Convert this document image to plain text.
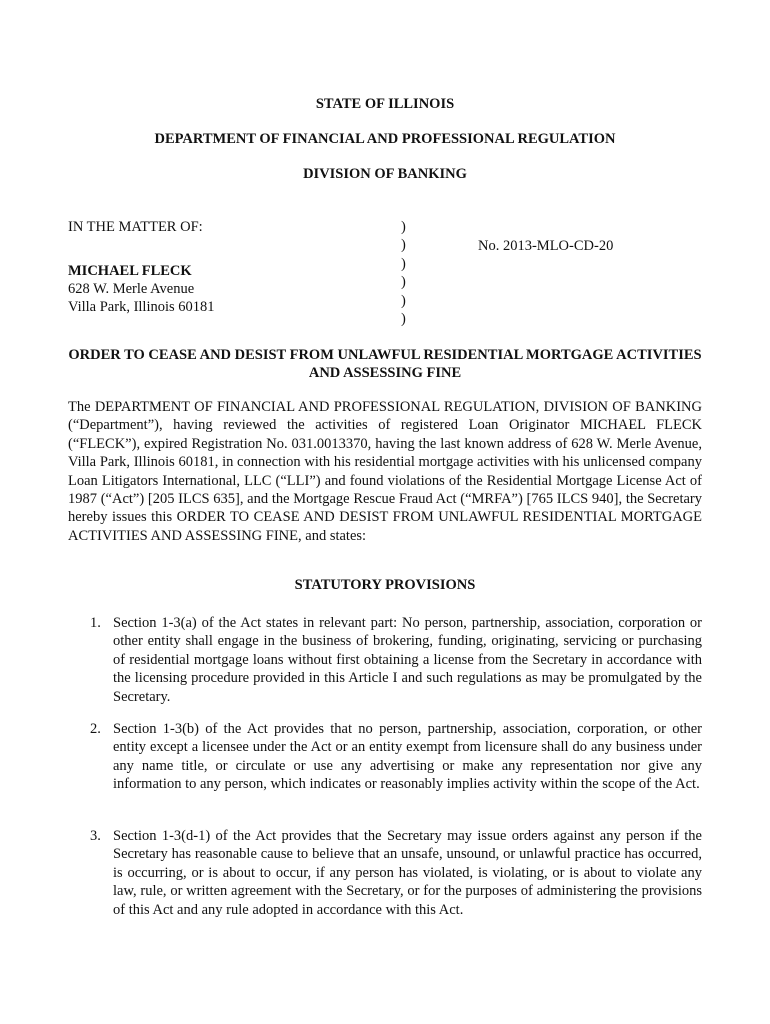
STATE OF ILLINOIS
DEPARTMENT OF FINANCIAL AND PROFESSIONAL REGULATION
DIVISION OF BANKING
IN THE MATTER OF:
MICHAEL FLECK
628 W. Merle Avenue
Villa Park, Illinois 60181
)
)
)
)
)
)
No. 2013-MLO-CD-20
ORDER TO CEASE AND DESIST FROM UNLAWFUL RESIDENTIAL MORTGAGE ACTIVITIES AND ASSESSING FINE
The DEPARTMENT OF FINANCIAL AND PROFESSIONAL REGULATION, DIVISION OF BANKING (“Department”), having reviewed the activities of registered Loan Originator MICHAEL FLECK (“FLECK”), expired Registration No. 031.0013370, having the last known address of 628 W. Merle Avenue, Villa Park, Illinois 60181, in connection with his residential mortgage activities with his unlicensed company Loan Litigators International, LLC (“LLI”) and found violations of the Residential Mortgage License Act of 1987 (“Act”) [205 ILCS 635], and the Mortgage Rescue Fraud Act (“MRFA”) [765 ILCS 940], the Secretary hereby issues this ORDER TO CEASE AND DESIST FROM UNLAWFUL RESIDENTIAL MORTGAGE ACTIVITIES AND ASSESSING FINE, and states:
STATUTORY PROVISIONS
1. Section 1-3(a) of the Act states in relevant part: No person, partnership, association, corporation or other entity shall engage in the business of brokering, funding, originating, servicing or purchasing of residential mortgage loans without first obtaining a license from the Secretary in accordance with the licensing procedure provided in this Article I and such regulations as may be promulgated by the Secretary.
2. Section 1-3(b) of the Act provides that no person, partnership, association, corporation, or other entity except a licensee under the Act or an entity exempt from licensure shall do any business under any name title, or circulate or use any advertising or make any representation nor give any information to any person, which indicates or reasonably implies activity within the scope of the Act.
3. Section 1-3(d-1) of the Act provides that the Secretary may issue orders against any person if the Secretary has reasonable cause to believe that an unsafe, unsound, or unlawful practice has occurred, is occurring, or is about to occur, if any person has violated, is violating, or is about to violate any law, rule, or written agreement with the Secretary, or for the purposes of administering the provisions of this Act and any rule adopted in accordance with this Act.
